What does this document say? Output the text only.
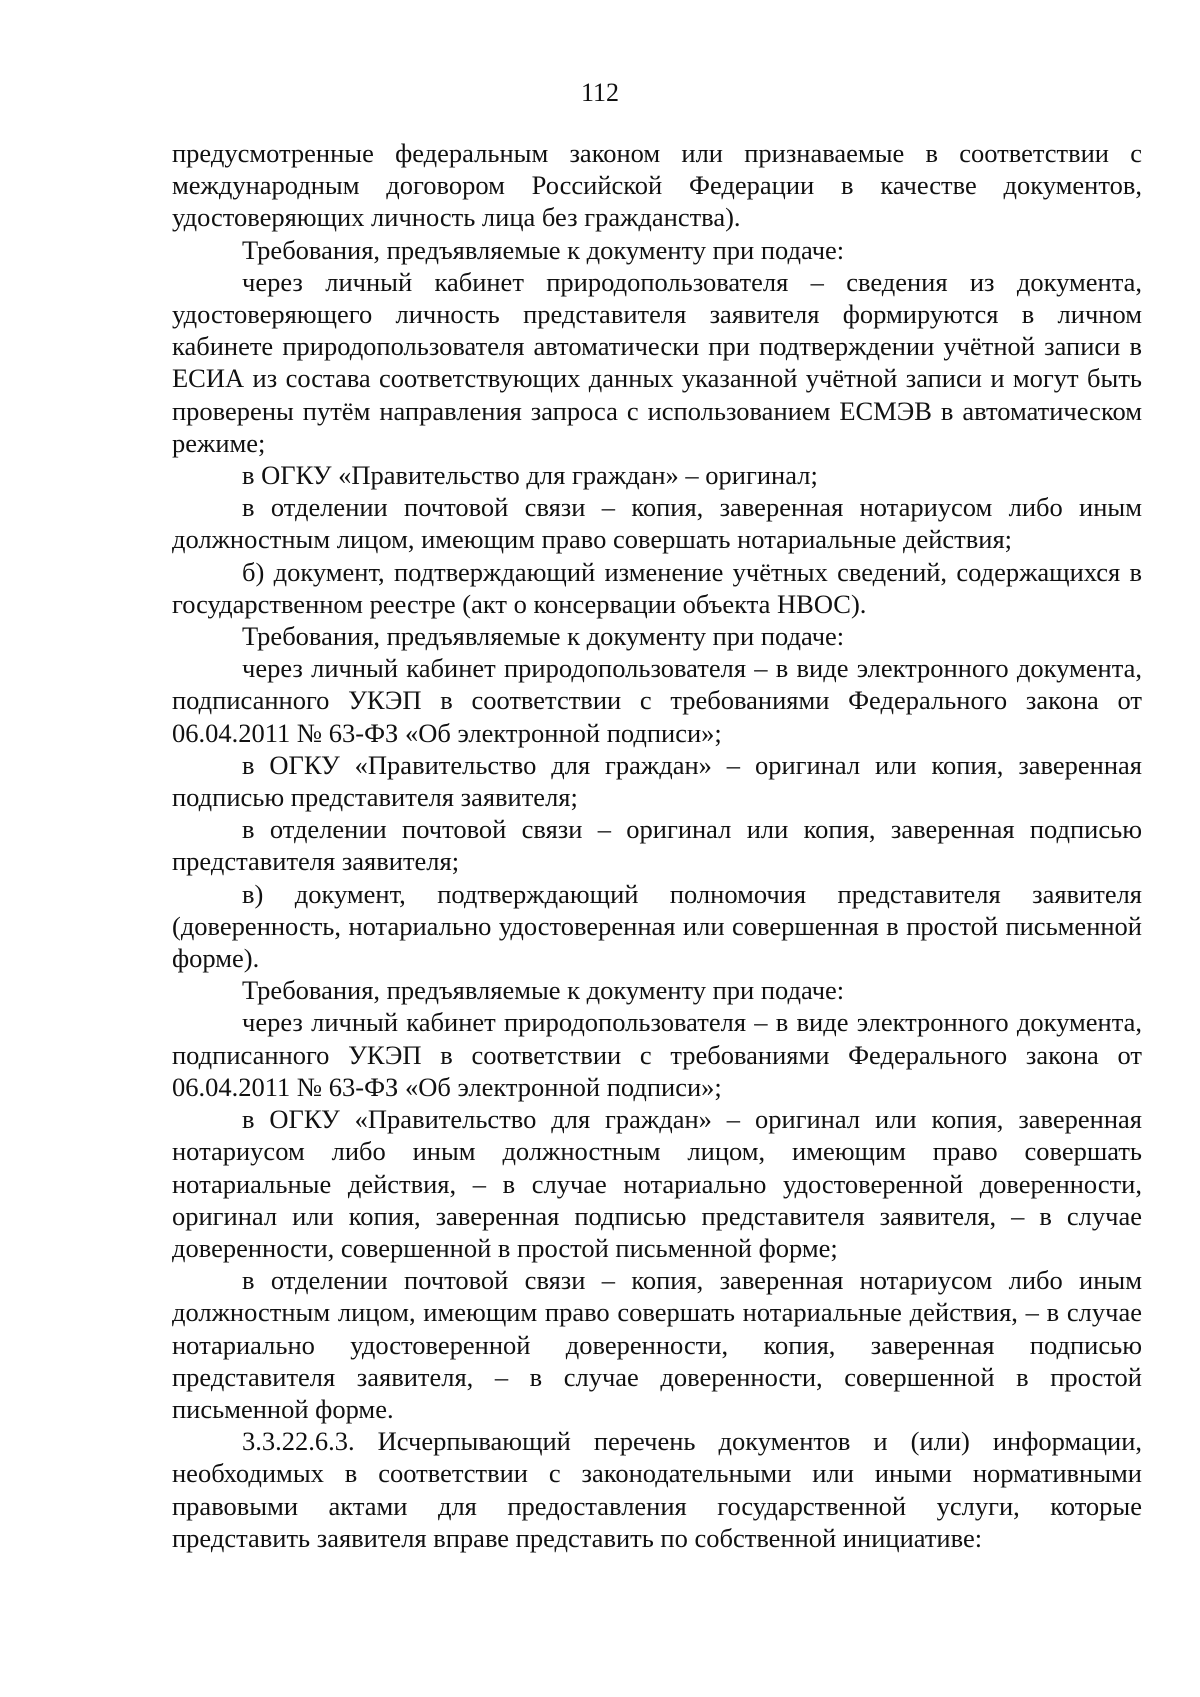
112

предусмотренные федеральным законом или признаваемые в соответствии с международным договором Российской Федерации в качестве документов, удостоверяющих личность лица без гражданства).

Требования, предъявляемые к документу при подаче:

через личный кабинет природопользователя – сведения из документа, удостоверяющего личность представителя заявителя формируются в личном кабинете природопользователя автоматически при подтверждении учётной записи в ЕСИА из состава соответствующих данных указанной учётной записи и могут быть проверены путём направления запроса с использованием ЕСМЭВ в автоматическом режиме;

в ОГКУ «Правительство для граждан» – оригинал;

в отделении почтовой связи – копия, заверенная нотариусом либо иным должностным лицом, имеющим право совершать нотариальные действия;

б) документ, подтверждающий изменение учётных сведений, содержащихся в государственном реестре (акт о консервации объекта НВОС).

Требования, предъявляемые к документу при подаче:

через личный кабинет природопользователя – в виде электронного документа, подписанного УКЭП в соответствии с требованиями Федерального закона от 06.04.2011 № 63-ФЗ «Об электронной подписи»;

в ОГКУ «Правительство для граждан» – оригинал или копия, заверенная подписью представителя заявителя;

в отделении почтовой связи – оригинал или копия, заверенная подписью представителя заявителя;

в) документ, подтверждающий полномочия представителя заявителя (доверенность, нотариально удостоверенная или совершенная в простой письменной форме).

Требования, предъявляемые к документу при подаче:

через личный кабинет природопользователя – в виде электронного документа, подписанного УКЭП в соответствии с требованиями Федерального закона от 06.04.2011 № 63-ФЗ «Об электронной подписи»;

в ОГКУ «Правительство для граждан» – оригинал или копия, заверенная нотариусом либо иным должностным лицом, имеющим право совершать нотариальные действия, – в случае нотариально удостоверенной доверенности, оригинал или копия, заверенная подписью представителя заявителя, – в случае доверенности, совершенной в простой письменной форме;

в отделении почтовой связи – копия, заверенная нотариусом либо иным должностным лицом, имеющим право совершать нотариальные действия, – в случае нотариально удостоверенной доверенности, копия, заверенная подписью представителя заявителя, – в случае доверенности, совершенной в простой письменной форме.

3.3.22.6.3. Исчерпывающий перечень документов и (или) информации, необходимых в соответствии с законодательными или иными нормативными правовыми актами для предоставления государственной услуги, которые представить заявителя вправе представить по собственной инициативе:
